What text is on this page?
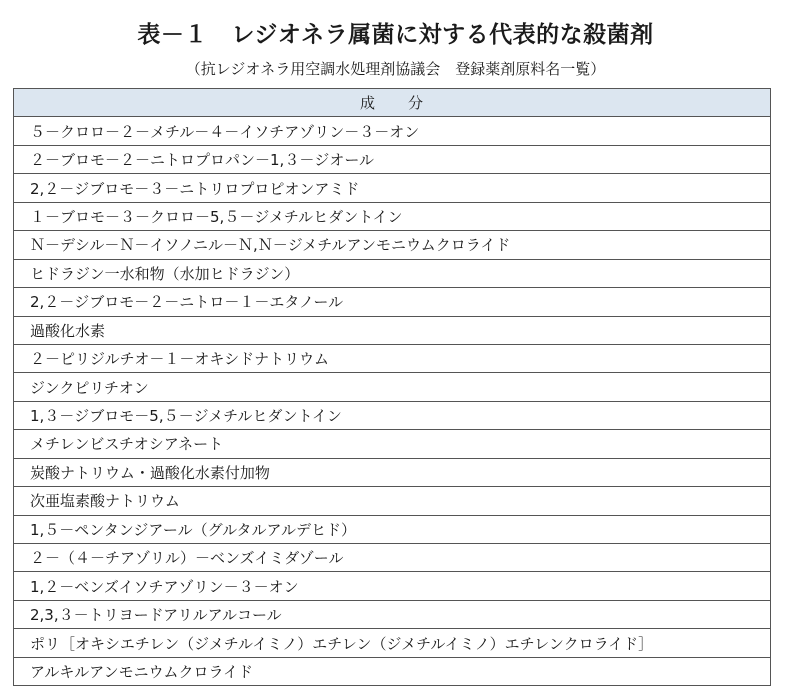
表－１　レジオネラ属菌に対する代表的な殺菌剤
（抗レジオネラ用空調水処理剤協議会　登録薬剤原料名一覧）
成 分
５－クロロ－２－メチル－４－イソチアゾリン－３－オン
２－ブロモ－２－ニトロプロパン－1,３－ジオール
2,２－ジブロモ－３－ニトリロプロピオンアミド
１－ブロモ－３－クロロ－5,５－ジメチルヒダントイン
Ｎ－デシル－Ｎ－イソノニル－Ｎ,Ｎ－ジメチルアンモニウムクロライド
ヒドラジン一水和物（水加ヒドラジン）
2,２－ジブロモ－２－ニトロ－１－エタノール
過酸化水素
２－ピリジルチオ－１－オキシドナトリウム
ジンクピリチオン
1,３－ジブロモ－5,５－ジメチルヒダントイン
メチレンビスチオシアネート
炭酸ナトリウム・過酸化水素付加物
次亜塩素酸ナトリウム
1,５－ペンタンジアール（グルタルアルデヒド）
２－（４－チアゾリル）－ベンズイミダゾール
1,２－ベンズイソチアゾリン－３－オン
2,3,３－トリヨードアリルアルコール
ポリ［オキシエチレン（ジメチルイミノ）エチレン（ジメチルイミノ）エチレンクロライド］
アルキルアンモニウムクロライド
